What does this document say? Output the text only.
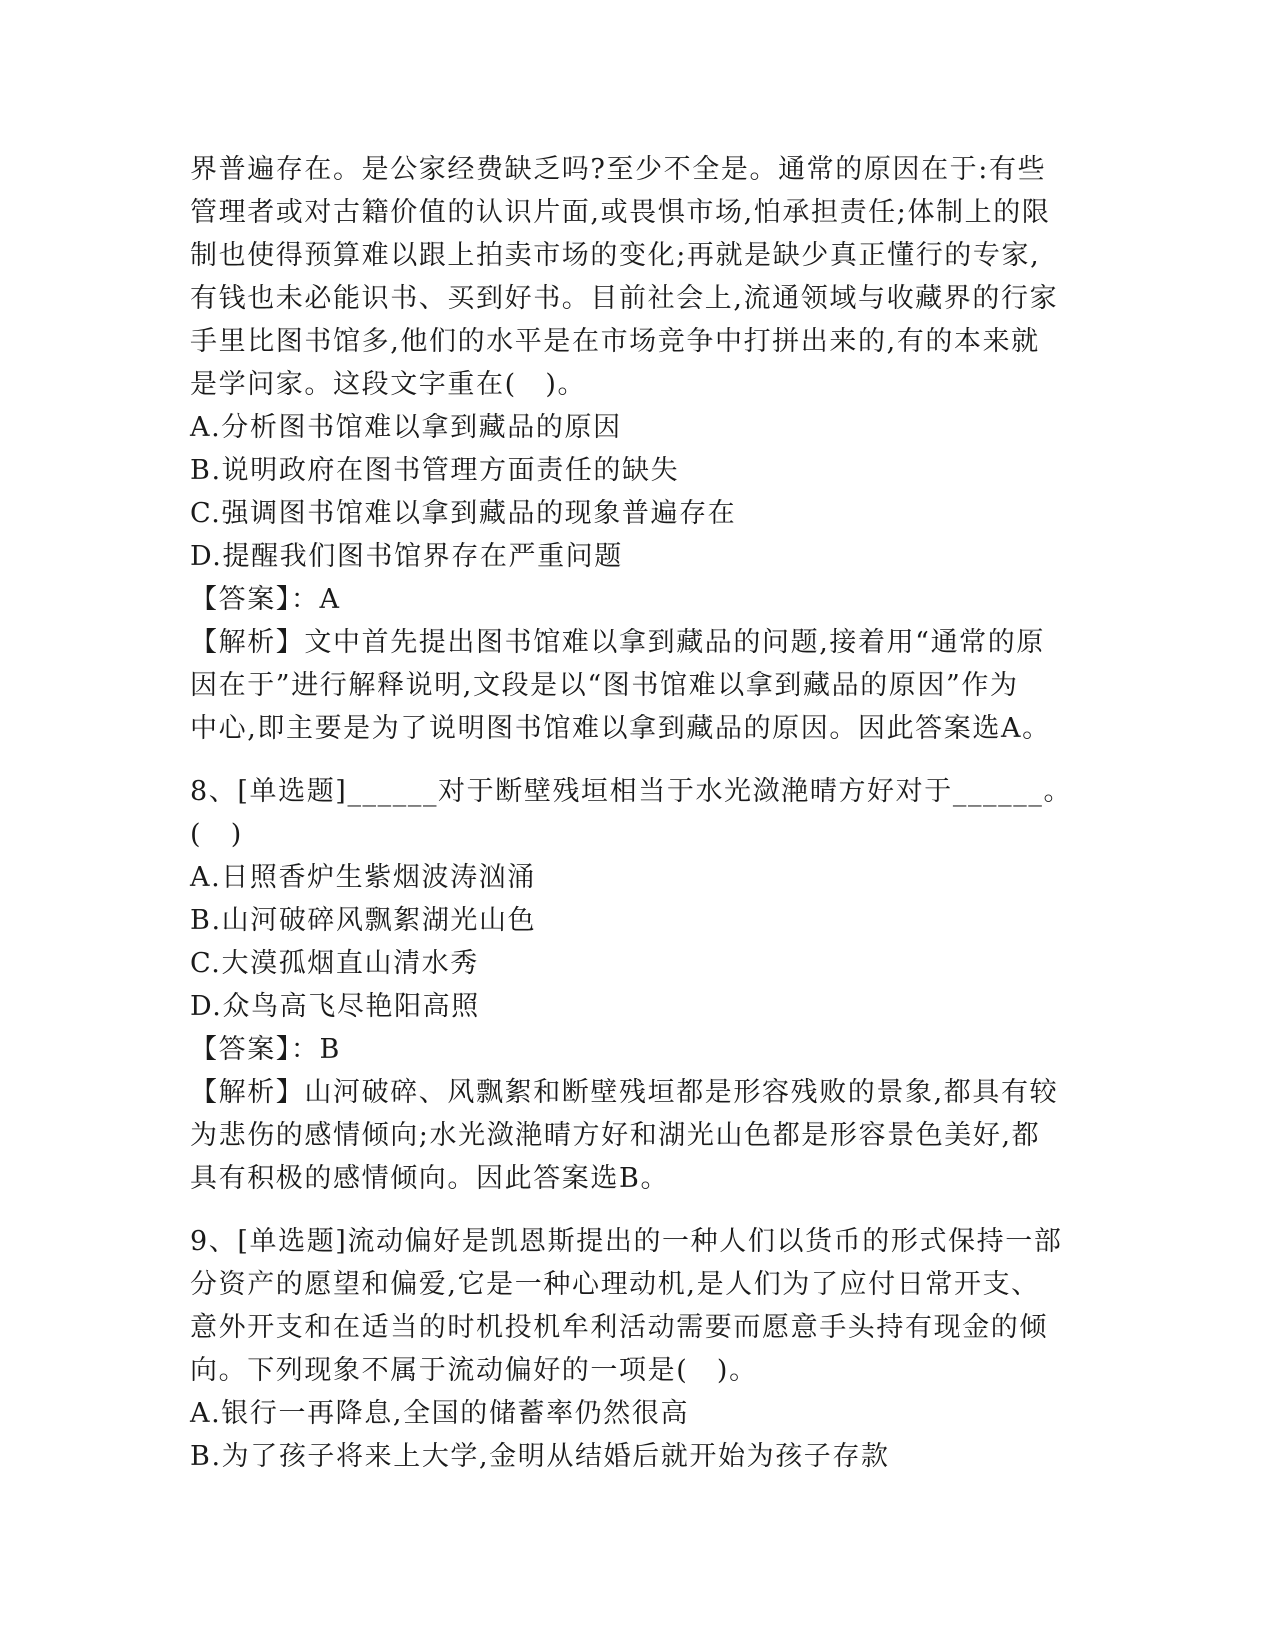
界普遍存在。是公家经费缺乏吗?至少不全是。通常的原因在于:有些
管理者或对古籍价值的认识片面,或畏惧市场,怕承担责任;体制上的限
制也使得预算难以跟上拍卖市场的变化;再就是缺少真正懂行的专家,
有钱也未必能识书、买到好书。目前社会上,流通领域与收藏界的行家
手里比图书馆多,他们的水平是在市场竞争中打拼出来的,有的本来就
是学问家。这段文字重在(　)。
A.分析图书馆难以拿到藏品的原因
B.说明政府在图书管理方面责任的缺失
C.强调图书馆难以拿到藏品的现象普遍存在
D.提醒我们图书馆界存在严重问题
【答案】：A
【解析】文中首先提出图书馆难以拿到藏品的问题,接着用“通常的原
因在于”进行解释说明,文段是以“图书馆难以拿到藏品的原因”作为
中心,即主要是为了说明图书馆难以拿到藏品的原因。因此答案选A。
8、[单选题]______对于断壁残垣相当于水光潋滟晴方好对于______。
(　)
A.日照香炉生紫烟波涛汹涌
B.山河破碎风飘絮湖光山色
C.大漠孤烟直山清水秀
D.众鸟高飞尽艳阳高照
【答案】：B
【解析】山河破碎、风飘絮和断壁残垣都是形容残败的景象,都具有较
为悲伤的感情倾向;水光潋滟晴方好和湖光山色都是形容景色美好,都
具有积极的感情倾向。因此答案选B。
9、[单选题]流动偏好是凯恩斯提出的一种人们以货币的形式保持一部
分资产的愿望和偏爱,它是一种心理动机,是人们为了应付日常开支、
意外开支和在适当的时机投机牟利活动需要而愿意手头持有现金的倾
向。下列现象不属于流动偏好的一项是(　)。
A.银行一再降息,全国的储蓄率仍然很高
B.为了孩子将来上大学,金明从结婚后就开始为孩子存款
